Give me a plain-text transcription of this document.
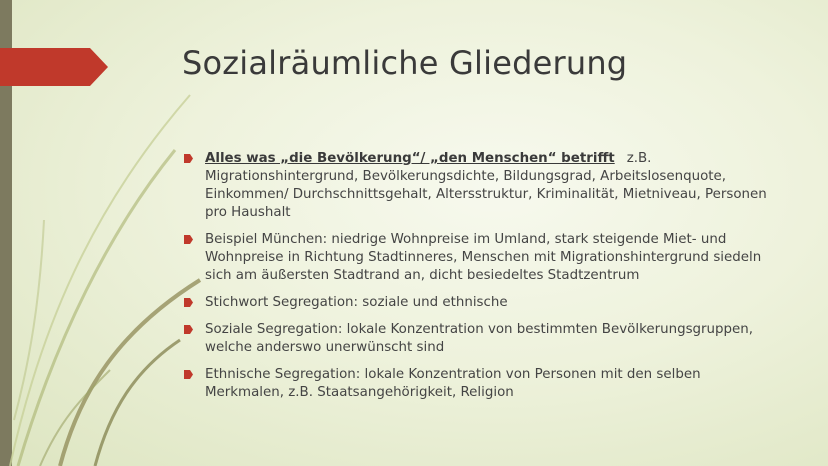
Sozialräumliche Gliederung
Alles was „die Bevölkerung“/ „den Menschen“ betrifft z.B. Migrationshintergrund, Bevölkerungsdichte, Bildungsgrad, Arbeitslosenquote, Einkommen/ Durchschnittsgehalt, Altersstruktur, Kriminalität, Mietniveau, Personen pro Haushalt
Beispiel München: niedrige Wohnpreise im Umland, stark steigende Miet- und Wohnpreise in Richtung Stadtinneres, Menschen mit Migrationshintergrund siedeln sich am äußersten Stadtrand an, dicht besiedeltes Stadtzentrum
Stichwort Segregation: soziale und ethnische
Soziale Segregation: lokale Konzentration von bestimmten Bevölkerungsgruppen, welche anderswo unerwünscht sind
Ethnische Segregation: lokale Konzentration von Personen mit den selben Merkmalen, z.B. Staatsangehörigkeit, Religion
